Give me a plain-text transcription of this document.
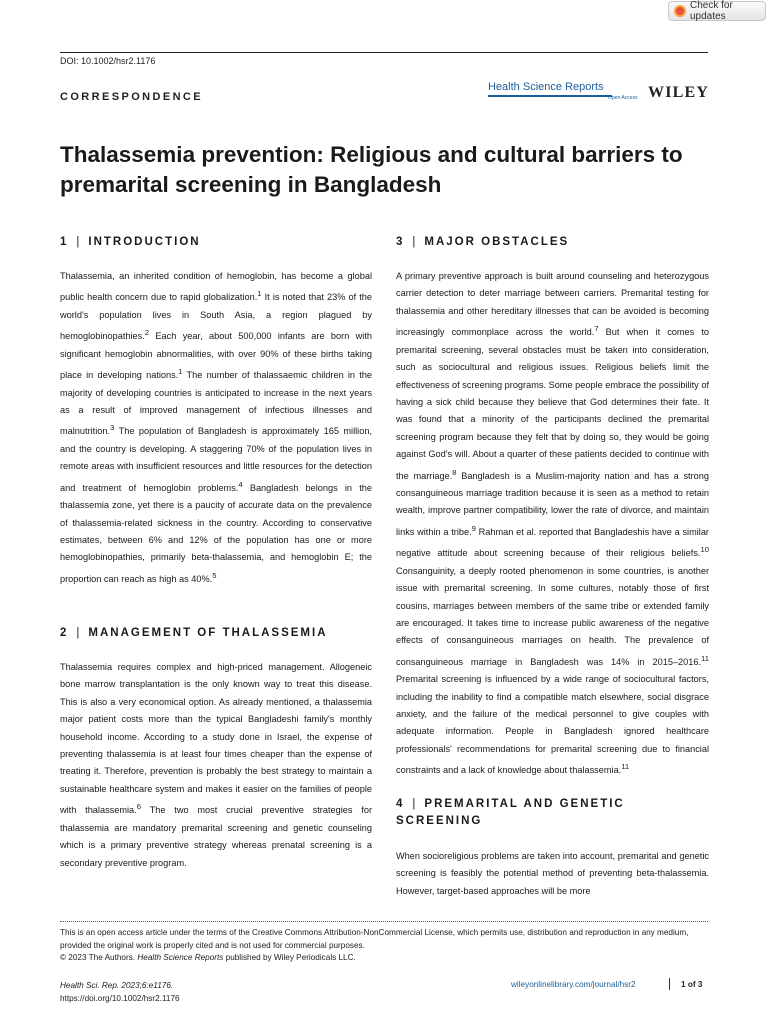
Check for updates
DOI: 10.1002/hsr2.1176
CORRESPONDENCE
Health Science Reports
Open Access WILEY
Thalassemia prevention: Religious and cultural barriers to premarital screening in Bangladesh
1 | INTRODUCTION
Thalassemia, an inherited condition of hemoglobin, has become a global public health concern due to rapid globalization.$^1$ It is noted that 23% of the world's population lives in South Asia, a region plagued by hemoglobinopathies.$^2$ Each year, about 500,000 infants are born with significant hemoglobin abnormalities, with over 90% of these births taking place in developing nations.$^1$ The number of thalassaemic children in the majority of developing countries is anticipated to increase in the next years as a result of improved management of infectious illnesses and malnutrition.$^3$ The population of Bangladesh is approximately 165 million, and the country is developing. A staggering 70% of the population lives in remote areas with insufficient resources and little resources for the detection and treatment of hemoglobin problems.$^4$ Bangladesh belongs in the thalassemia zone, yet there is a paucity of accurate data on the prevalence of thalassemia-related sickness in the country. According to conservative estimates, between 6% and 12% of the population has one or more hemoglobinopathies, primarily beta-thalassemia, and hemoglobin E; the proportion can reach as high as 40%.$^5$
2 | MANAGEMENT OF THALASSEMIA
Thalassemia requires complex and high-priced management. Allogeneic bone marrow transplantation is the only known way to treat this disease. This is also a very economical option. As already mentioned, a thalassemia major patient costs more than the typical Bangladeshi family's monthly household income. According to a study done in Israel, the expense of preventing thalassemia is at least four times cheaper than the expense of treating it. Therefore, prevention is probably the best strategy to maintain a sustainable healthcare system and makes it easier on the families of people with thalassemia.$^6$ The two most crucial preventive strategies for thalassemia are mandatory premarital screening and genetic counseling which is a primary preventive strategy whereas prenatal screening is a secondary preventive program.
3 | MAJOR OBSTACLES
A primary preventive approach is built around counseling and heterozygous carrier detection to deter marriage between carriers. Premarital testing for thalassemia and other hereditary illnesses that can be avoided is becoming increasingly commonplace across the world.$^7$ But when it comes to premarital screening, several obstacles must be taken into consideration, such as sociocultural and religious issues. Religious beliefs limit the effectiveness of screening programs. Some people embrace the possibility of having a sick child because they believe that God determines their fate. It was found that a minority of the participants declined the premarital screening program because they felt that by doing so, they would be going against God's will. About a quarter of these patients decided to continue with the marriage.$^8$ Bangladesh is a Muslim-majority nation and has a strong consanguineous marriage tradition because it is seen as a method to retain wealth, improve partner compatibility, lower the rate of divorce, and maintain links within a tribe.$^9$ Rahman et al. reported that Bangladeshis have a similar negative attitude about screening because of their religious beliefs.$^{10}$ Consanguinity, a deeply rooted phenomenon in some countries, is another issue with premarital screening. In some cultures, notably those of first cousins, marriages between members of the same tribe or extended family are encouraged. It takes time to increase public awareness of the negative effects of consanguineous marriages on health. The prevalence of consanguineous marriage in Bangladesh was 14% in 2015–2016.11 Premarital screening is influenced by a wide range of sociocultural factors, including the inability to find a compatible match elsewhere, social disgrace anxiety, and the failure of the medical personnel to give couples with adequate information. People in Bangladesh ignored healthcare professionals' recommendations for premarital screening due to financial constraints and a lack of knowledge about thalassemia.$^{11}$
4 | PREMARITAL AND GENETIC SCREENING
When socioreligious problems are taken into account, premarital and genetic screening is feasibly the potential method of preventing beta-thalassemia. However, target-based approaches will be more
This is an open access article under the terms of the Creative Commons Attribution-NonCommercial License, which permits use, distribution and reproduction in any medium, provided the original work is properly cited and is not used for commercial purposes.
© 2023 The Authors. Health Science Reports published by Wiley Periodicals LLC.
Health Sci. Rep. 2023;6:e1176.
https://doi.org/10.1002/hsr2.1176
wileyonlinelibrary.com/journal/hsr2	1 of 3
